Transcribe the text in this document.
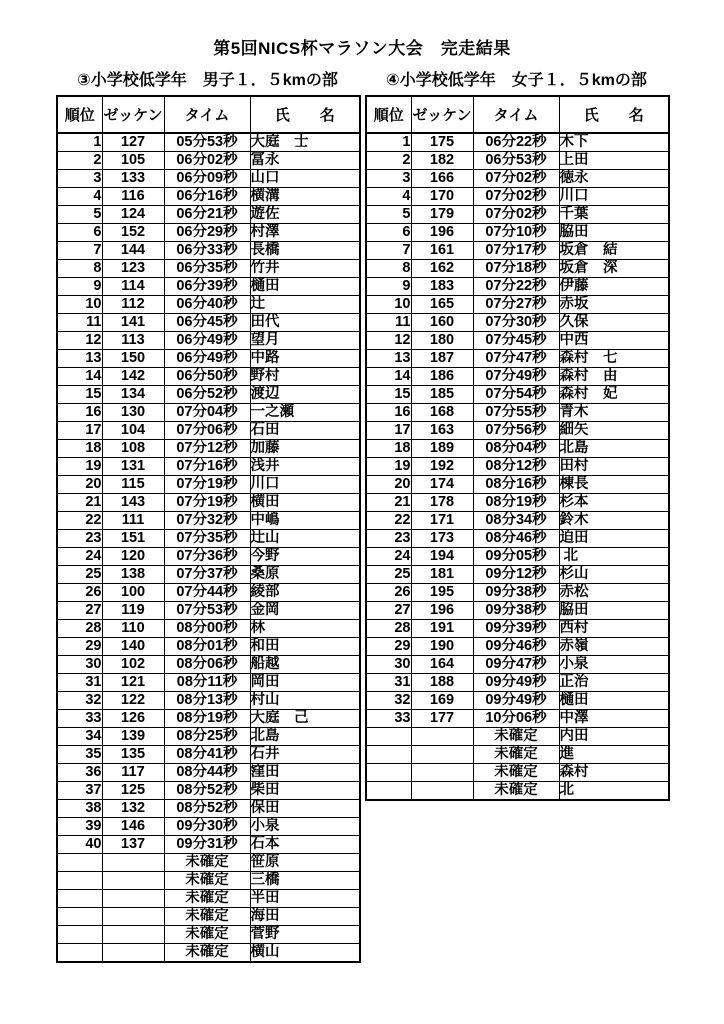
第5回NICS杯マラソン大会　完走結果
③小学校低学年　男子１．５kmの部
順位	ゼッケン	タイム	氏　　名
1	127	05分53秒	大庭　士
2	105	06分02秒	冨永
3	133	06分09秒	山口
4	116	06分16秒	横溝
5	124	06分21秒	遊佐
6	152	06分29秒	村澤
7	144	06分33秒	長橋
8	123	06分35秒	竹井
9	114	06分39秒	樋田
10	112	06分40秒	辻
11	141	06分45秒	田代
12	113	06分49秒	望月
13	150	06分49秒	中路
14	142	06分50秒	野村
15	134	06分52秒	渡辺
16	130	07分04秒	一之瀬
17	104	07分06秒	石田
18	108	07分12秒	加藤
19	131	07分16秒	浅井
20	115	07分19秒	川口
21	143	07分19秒	横田
22	111	07分32秒	中嶋
23	151	07分35秒	辻山
24	120	07分36秒	今野
25	138	07分37秒	桑原
26	100	07分44秒	綾部
27	119	07分53秒	金岡
28	110	08分00秒	林
29	140	08分01秒	和田
30	102	08分06秒	船越
31	121	08分11秒	岡田
32	122	08分13秒	村山
33	126	08分19秒	大庭　己
34	139	08分25秒	北島
35	135	08分41秒	石井
36	117	08分44秒	窪田
37	125	08分52秒	柴田
38	132	08分52秒	保田
39	146	09分30秒	小泉
40	137	09分31秒	石本
		未確定	笹原
		未確定	三橋
		未確定	半田
		未確定	海田
		未確定	菅野
		未確定	横山
④小学校低学年　女子１．５kmの部
順位	ゼッケン	タイム	氏　　名
1	175	06分22秒	木下
2	182	06分53秒	上田
3	166	07分02秒	徳永
4	170	07分02秒	川口
5	179	07分02秒	千葉
6	196	07分10秒	脇田
7	161	07分17秒	坂倉　結
8	162	07分18秒	坂倉　深
9	183	07分22秒	伊藤
10	165	07分27秒	赤坂
11	160	07分30秒	久保
12	180	07分45秒	中西
13	187	07分47秒	森村　七
14	186	07分49秒	森村　由
15	185	07分54秒	森村　妃
16	168	07分55秒	青木
17	163	07分56秒	細矢
18	189	08分04秒	北島
19	192	08分12秒	田村
20	174	08分16秒	棟長
21	178	08分19秒	杉本
22	171	08分34秒	鈴木
23	173	08分46秒	迫田
24	194	09分05秒	北
25	181	09分12秒	杉山
26	195	09分38秒	赤松
27	196	09分38秒	脇田
28	191	09分39秒	西村
29	190	09分46秒	赤嶺
30	164	09分47秒	小泉
31	188	09分49秒	正治
32	169	09分49秒	樋田
33	177	10分06秒	中澤
		未確定	内田
		未確定	進
		未確定	森村
		未確定	北
